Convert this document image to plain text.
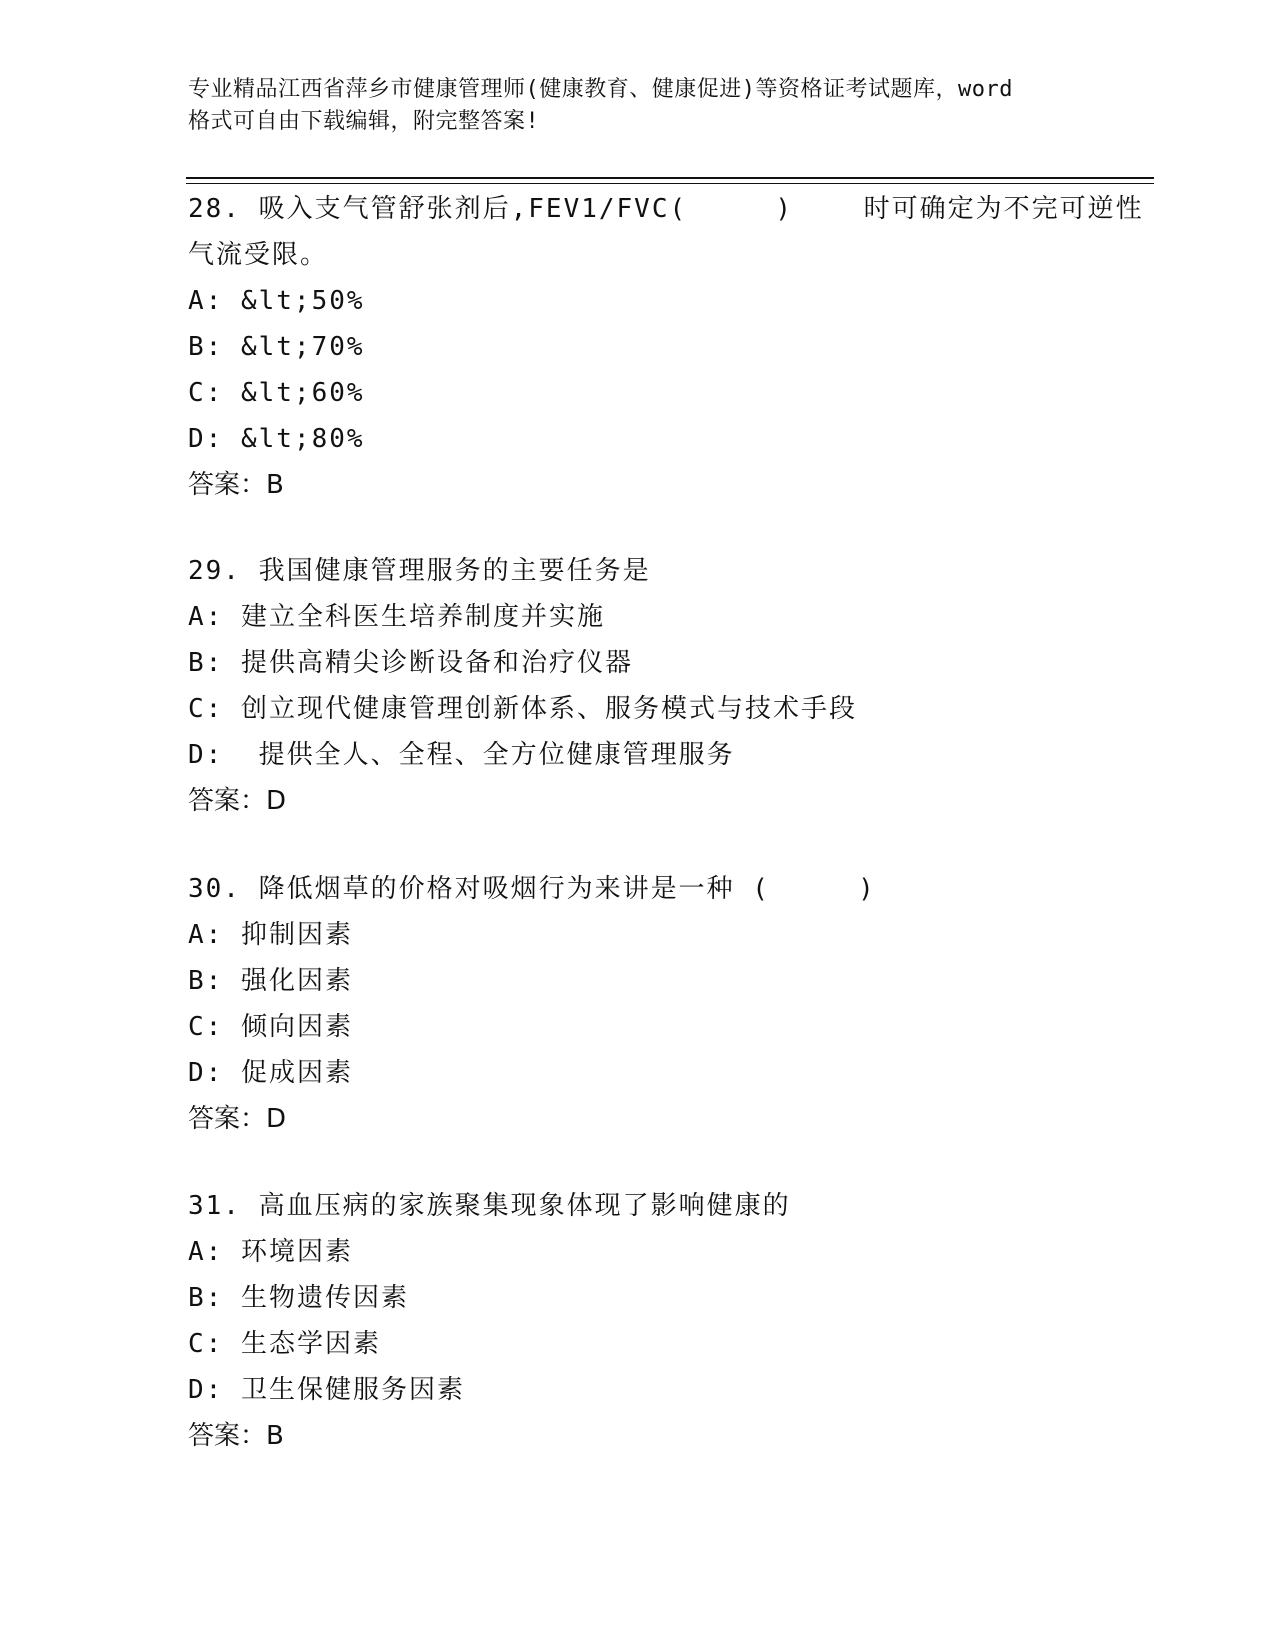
专业精品江西省萍乡市健康管理师(健康教育、健康促进)等资格证考试题库，word
格式可自由下载编辑，附完整答案!
28. 吸入支气管舒张剂后,FEV1/FVC(     )    时可确定为不完可逆性
气流受限。
A: &lt;50%
B: &lt;70%
C: &lt;60%
D: &lt;80%
答案：B
29. 我国健康管理服务的主要任务是
A: 建立全科医生培养制度并实施
B: 提供高精尖诊断设备和治疗仪器
C: 创立现代健康管理创新体系、服务模式与技术手段
D:  提供全人、全程、全方位健康管理服务
答案：D
30. 降低烟草的价格对吸烟行为来讲是一种 (     )
A: 抑制因素
B: 强化因素
C: 倾向因素
D: 促成因素
答案：D
31. 高血压病的家族聚集现象体现了影响健康的
A: 环境因素
B: 生物遗传因素
C: 生态学因素
D: 卫生保健服务因素
答案：B
